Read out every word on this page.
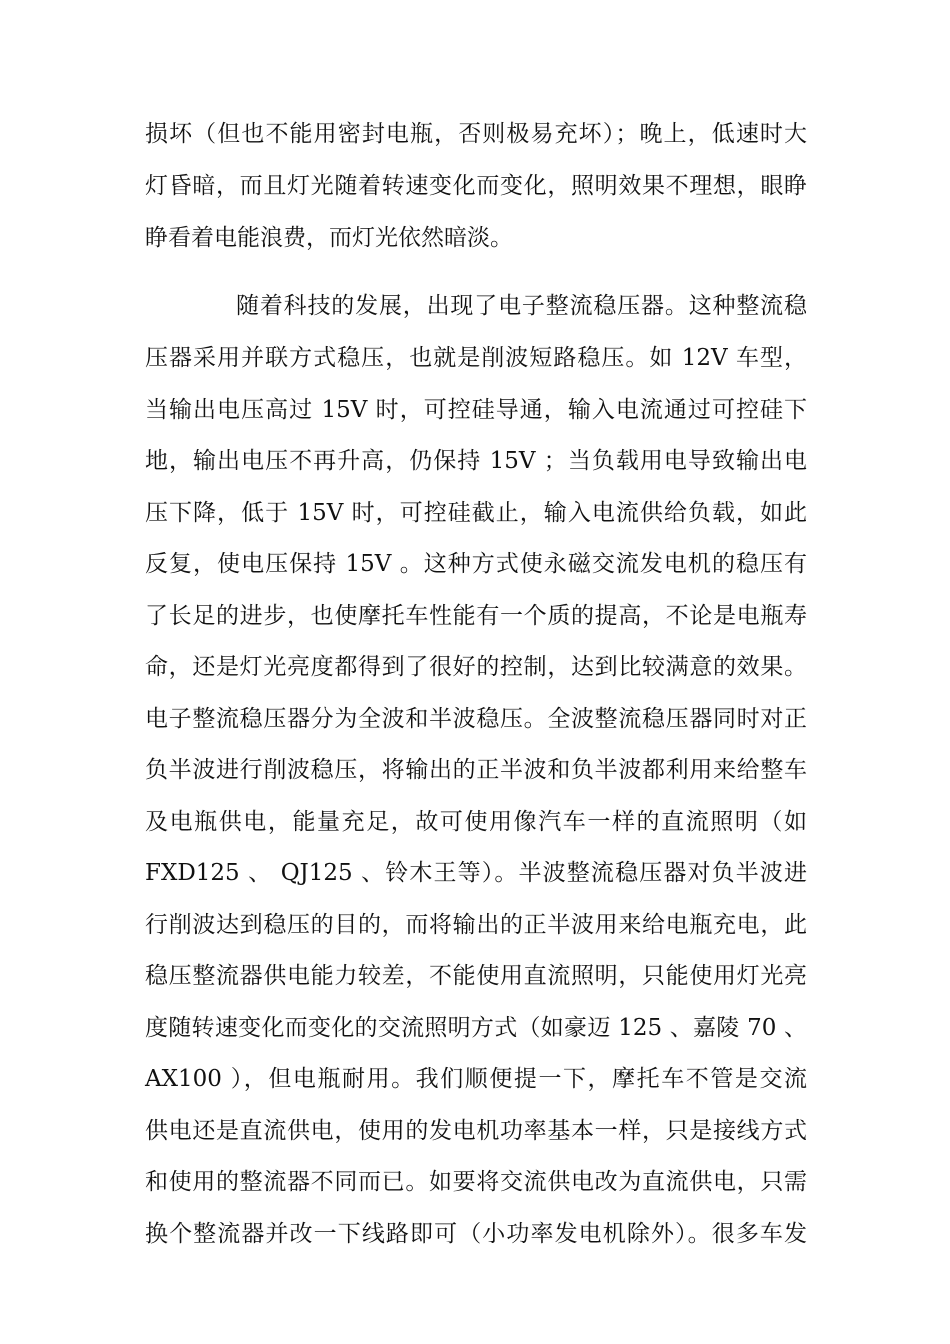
损坏（但也不能用密封电瓶，否则极易充坏）；晚上，低速时大
灯昏暗，而且灯光随着转速变化而变化，照明效果不理想，眼睁
睁看着电能浪费，而灯光依然暗淡。
随着科技的发展，出现了电子整流稳压器。这种整流稳
压器采用并联方式稳压，也就是削波短路稳压。如 12V 车型，
当输出电压高过 15V 时，可控硅导通，输入电流通过可控硅下
地，输出电压不再升高，仍保持 15V ；当负载用电导致输出电
压下降，低于 15V 时，可控硅截止，输入电流供给负载，如此
反复，使电压保持 15V 。这种方式使永磁交流发电机的稳压有
了长足的进步，也使摩托车性能有一个质的提高，不论是电瓶寿
命，还是灯光亮度都得到了很好的控制，达到比较满意的效果。
电子整流稳压器分为全波和半波稳压。全波整流稳压器同时对正
负半波进行削波稳压，将输出的正半波和负半波都利用来给整车
及电瓶供电，能量充足，故可使用像汽车一样的直流照明（如
FXD125 、 QJ125 、铃木王等）。半波整流稳压器对负半波进
行削波达到稳压的目的，而将输出的正半波用来给电瓶充电，此
稳压整流器供电能力较差，不能使用直流照明，只能使用灯光亮
度随转速变化而变化的交流照明方式（如豪迈 125 、嘉陵 70 、
AX100 ），但电瓶耐用。我们顺便提一下，摩托车不管是交流
供电还是直流供电，使用的发电机功率基本一样，只是接线方式
和使用的整流器不同而已。如要将交流供电改为直流供电，只需
换个整流器并改一下线路即可（小功率发电机除外）。很多车发
